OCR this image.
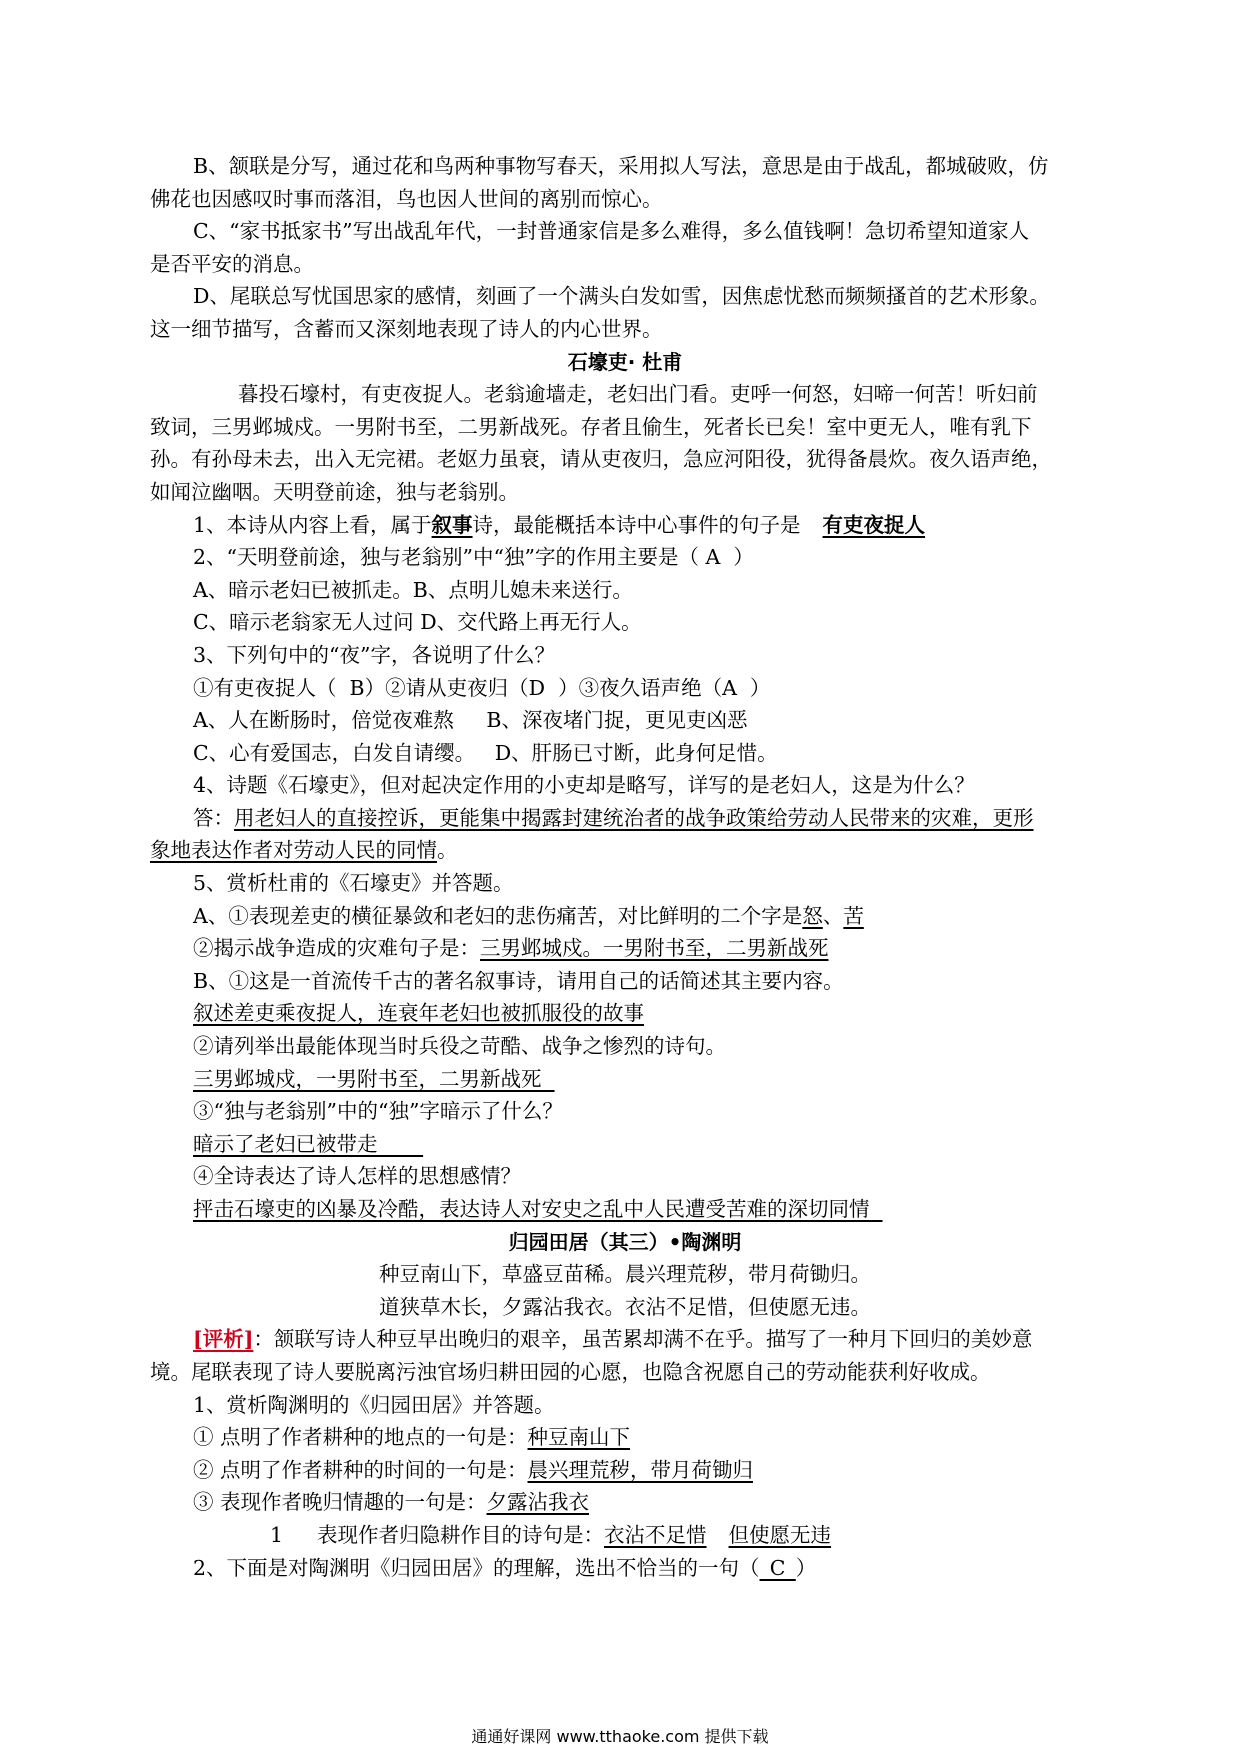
B、颔联是分写，通过花和鸟两种事物写春天，采用拟人写法，意思是由于战乱，都城破败，仿

佛花也因感叹时事而落泪，鸟也因人世间的离别而惊心。

C、“家书抵家书”写出战乱年代，一封普通家信是多么难得，多么值钱啊！急切希望知道家人

是否平安的消息。

D、尾联总写忧国思家的感情，刻画了一个满头白发如雪，因焦虑忧愁而频频搔首的艺术形象。

这一细节描写，含蓄而又深刻地表现了诗人的内心世界。

石壕吏· 杜甫

暮投石壕村，有吏夜捉人。老翁逾墙走，老妇出门看。吏呼一何怒，妇啼一何苦！听妇前

致词，三男邺城戍。一男附书至，二男新战死。存者且偷生，死者长已矣！室中更无人，唯有乳下

孙。有孙母未去，出入无完裙。老妪力虽衰，请从吏夜归，急应河阳役，犹得备晨炊。夜久语声绝，

如闻泣幽咽。天明登前途，独与老翁别。

1、本诗从内容上看，属于叙事诗，最能概括本诗中心事件的句子是 有吏夜捉人

2、“天明登前途，独与老翁别”中“独”字的作用主要是（ A  ）

A、暗示老妇已被抓走。B、点明儿媳未来送行。

C、暗示老翁家无人过问 D、交代路上再无行人。

3、下列句中的“夜”字，各说明了什么？

①有吏夜捉人（  B）②请从吏夜归（D  ）③夜久语声绝（A  ）

A、人在断肠时，倍觉夜难熬     B、深夜堵门捉，更见吏凶恶

C、心有爱国志，白发自请缨。   D、肝肠已寸断，此身何足惜。

4、诗题《石壕吏》，但对起决定作用的小吏却是略写，详写的是老妇人，这是为什么？

答：用老妇人的直接控诉，更能集中揭露封建统治者的战争政策给劳动人民带来的灾难，更形

象地表达作者对劳动人民的同情。

5、赏析杜甫的《石壕吏》并答题。

A、①表现差吏的横征暴敛和老妇的悲伤痛苦，对比鲜明的二个字是怒、苦

②揭示战争造成的灾难句子是：三男邺城戍。一男附书至，二男新战死

B、①这是一首流传千古的著名叙事诗，请用自己的话简述其主要内容。

叙述差吏乘夜捉人，连衰年老妇也被抓服役的故事

②请列举出最能体现当时兵役之苛酷、战争之惨烈的诗句。

三男邺城戍，一男附书至，二男新战死

③“独与老翁别”中的“独”字暗示了什么？

暗示了老妇已被带走

④全诗表达了诗人怎样的思想感情？

抨击石壕吏的凶暴及冷酷，表达诗人对安史之乱中人民遭受苦难的深切同情

归园田居（其三）•陶渊明

种豆南山下，草盛豆苗稀。晨兴理荒秽，带月荷锄归。

道狭草木长，夕露沾我衣。衣沾不足惜，但使愿无违。

[评析]：颔联写诗人种豆早出晚归的艰辛，虽苦累却满不在乎。描写了一种月下回归的美妙意

境。尾联表现了诗人要脱离污浊官场归耕田园的心愿，也隐含祝愿自己的劳动能获利好收成。

1、赏析陶渊明的《归园田居》并答题。

① 点明了作者耕种的地点的一句是：种豆南山下

② 点明了作者耕种的时间的一句是：晨兴理荒秽，带月荷锄归

③ 表现作者晚归情趣的一句是：夕露沾我衣

1 表现作者归隐耕作目的诗句是：衣沾不足惜 但使愿无违

2、下面是对陶渊明《归园田居》的理解，选出不恰当的一句（_C_）

通通好课网 www.tthaoke.com 提供下载
